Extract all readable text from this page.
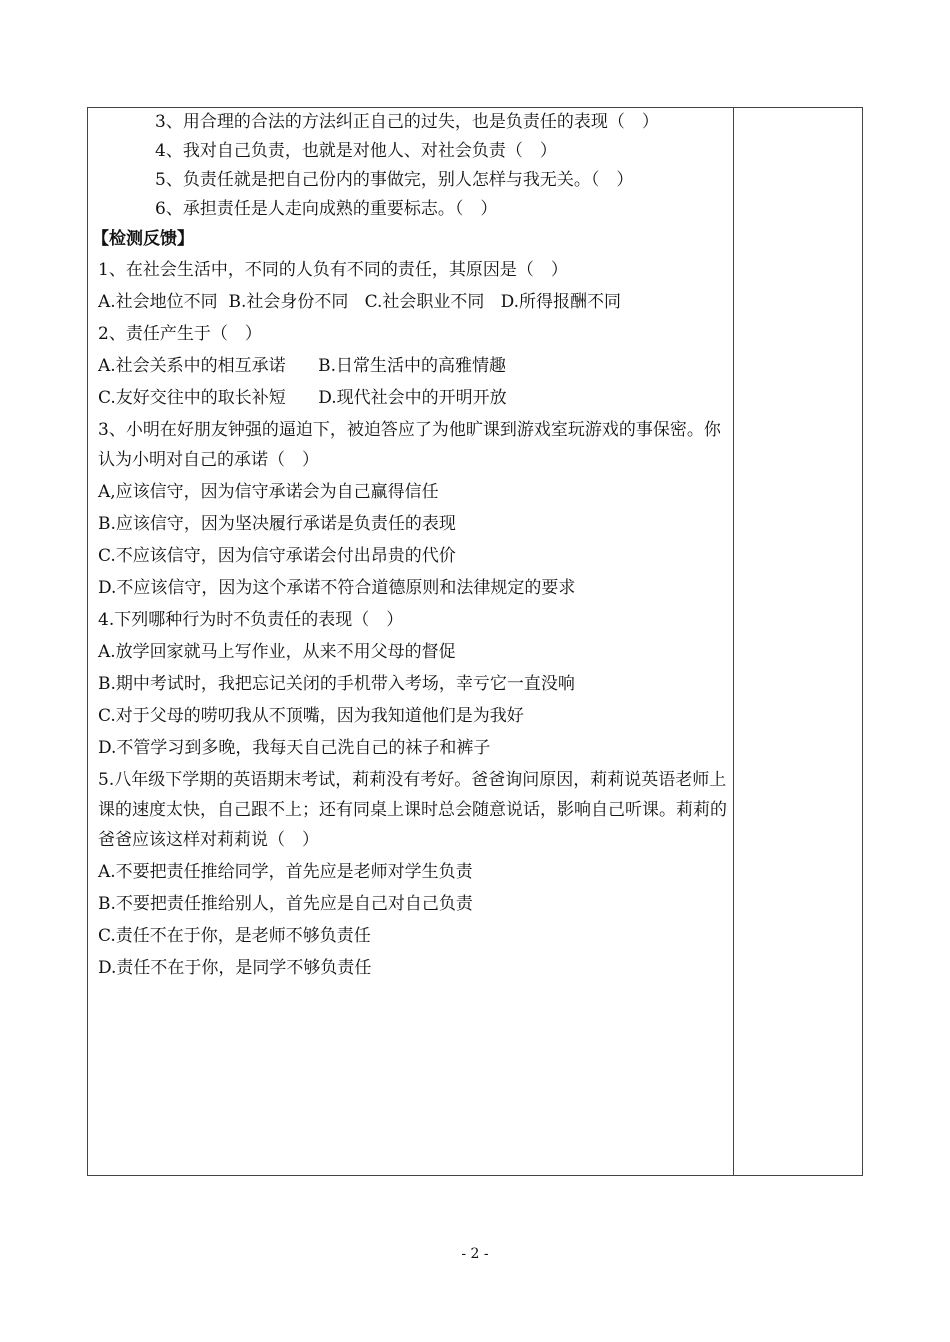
3、用合理的合法的方法纠正自己的过失，也是负责任的表现（　）
4、我对自己负责，也就是对他人、对社会负责（　）
5、负责任就是把自己份内的事做完，别人怎样与我无关。（　）
6、承担责任是人走向成熟的重要标志。（　）
【检测反馈】
1、在社会生活中，不同的人负有不同的责任，其原因是（　）
A.社会地位不同  B.社会身份不同   C.社会职业不同   D.所得报酬不同
2、责任产生于（　）
A.社会关系中的相互承诺      B.日常生活中的高雅情趣
C.友好交往中的取长补短      D.现代社会中的开明开放
3、小明在好朋友钟强的逼迫下，被迫答应了为他旷课到游戏室玩游戏的事保密。你认为小明对自己的承诺（　）
A,应该信守，因为信守承诺会为自己赢得信任
B.应该信守，因为坚决履行承诺是负责任的表现
C.不应该信守，因为信守承诺会付出昂贵的代价
D.不应该信守，因为这个承诺不符合道德原则和法律规定的要求
4.下列哪种行为时不负责任的表现（　）
A.放学回家就马上写作业，从来不用父母的督促
B.期中考试时，我把忘记关闭的手机带入考场，幸亏它一直没响
C.对于父母的唠叨我从不顶嘴，因为我知道他们是为我好
D.不管学习到多晚，我每天自己洗自己的袜子和裤子
5.八年级下学期的英语期末考试，莉莉没有考好。爸爸询问原因，莉莉说英语老师上课的速度太快，自己跟不上；还有同桌上课时总会随意说话，影响自己听课。莉莉的爸爸应该这样对莉莉说（　）
A.不要把责任推给同学，首先应是老师对学生负责
B.不要把责任推给别人，首先应是自己对自己负责
C.责任不在于你，是老师不够负责任
D.责任不在于你，是同学不够负责任
- 2 -
